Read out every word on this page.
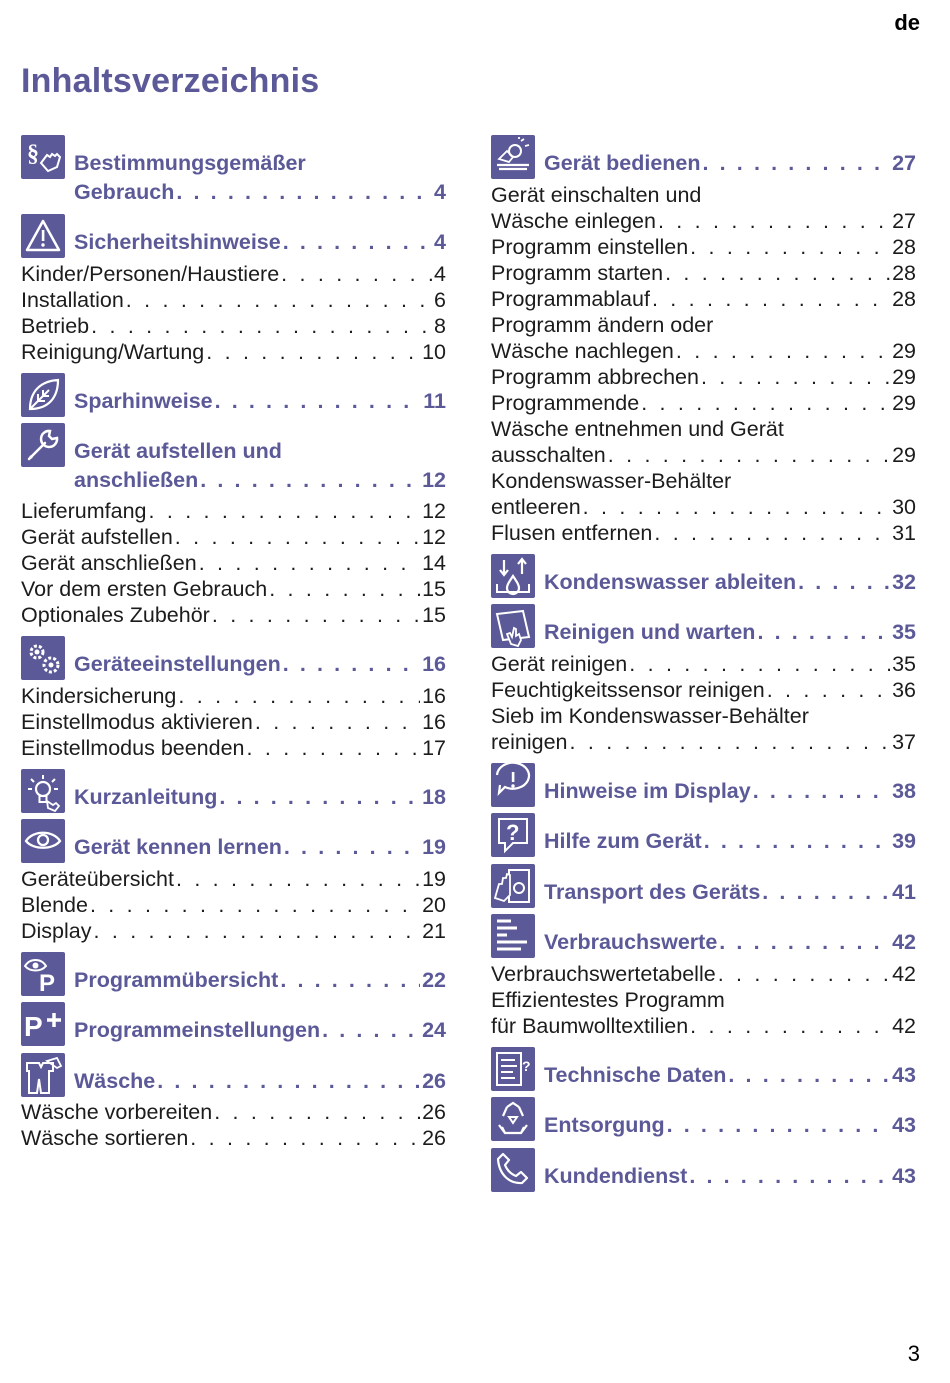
de
Inhaltsverzeichnis
§ Bestimmungsgemäßer
Gebrauch . . .	4
Sicherheitshinweise . . .	4
Kinder/Personen/Haustiere . . .	4
Installation . . .	6
Betrieb . . .	8
Reinigung/Wartung . . .	10
Sparhinweise . . .	11
Gerät aufstellen und
anschließen . . .	12
Lieferumfang . . .	12
Gerät aufstellen . . .	12
Gerät anschließen . . .	14
Vor dem ersten Gebrauch . . .	15
Optionales Zubehör . . .	15
Geräteeinstellungen . . .	16
Kindersicherung . . .	16
Einstellmodus aktivieren . . .	16
Einstellmodus beenden . . .	17
Kurzanleitung . . .	18
Gerät kennen lernen . . .	19
Geräteübersicht . . .	19
Blende . . .	20
Display . . .	21
P Programmübersicht . . .	22
P Programmeinstellungen . . .	24
Wäsche . . .	26
Wäsche vorbereiten . . .	26
Wäsche sortieren . . .	26
Gerät bedienen . . .	27
Gerät einschalten und
Wäsche einlegen . . .	27
Programm einstellen . . .	28
Programm starten . . .	28
Programmablauf . . .	28
Programm ändern oder
Wäsche nachlegen . . .	29
Programm abbrechen . . .	29
Programmende . . .	29
Wäsche entnehmen und Gerät
ausschalten . . .	29
Kondenswasser-Behälter
entleeren . . .	30
Flusen entfernen . . .	31
Kondenswasser ableiten . . .	32
Reinigen und warten . . .	35
Gerät reinigen . . .	35
Feuchtigkeitssensor reinigen . . .	36
Sieb im Kondenswasser-Behälter
reinigen . . .	37
Hinweise im Display . . .	38
? Hilfe zum Gerät . . .	39
Transport des Geräts . . .	41
Verbrauchswerte . . .	42
Verbrauchswertetabelle . . .	42
Effizientestes Programm
für Baumwolltextilien . . .	42
? Technische Daten . . .	43
Entsorgung . . .	43
Kundendienst . . .	43
3
